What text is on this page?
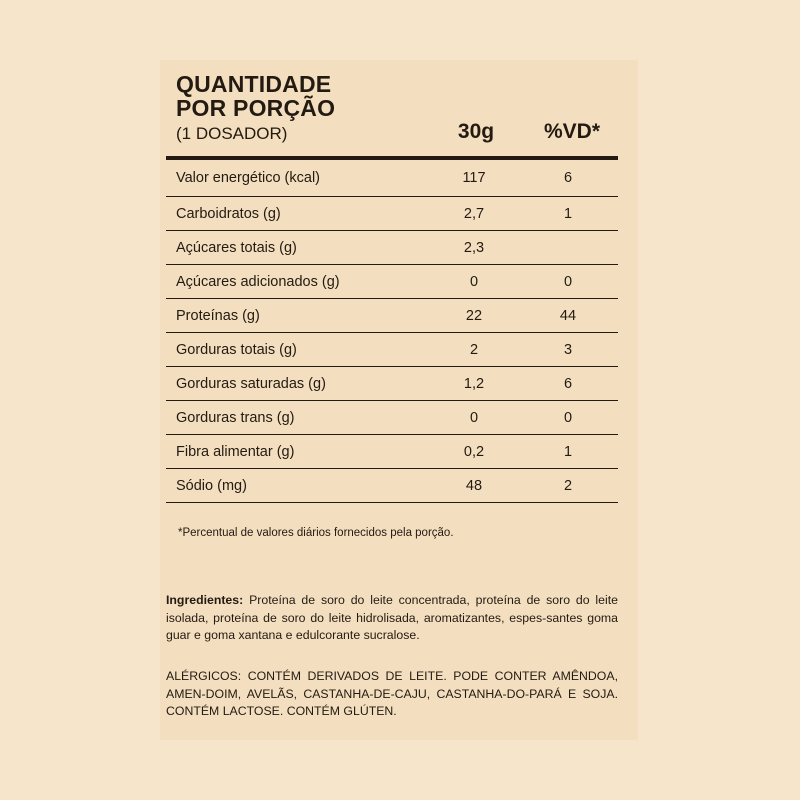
QUANTIDADE
POR PORÇÃO
(1 DOSADOR)	30g	%VD*
Valor energético (kcal)	117	6
Carboidratos (g)	2,7	1
Açúcares totais (g)	2,3
Açúcares adicionados (g)	0	0
Proteínas (g)	22	44
Gorduras totais (g)	2	3
Gorduras saturadas (g)	1,2	6
Gorduras trans (g)	0	0
Fibra alimentar (g)	0,2	1
Sódio (mg)	48	2
*Percentual de valores diários fornecidos pela porção.

Ingredientes: Proteína de soro do leite concentrada, proteína de soro do leite isolada, proteína de soro do leite hidrolisada, aromatizantes, espes-santes goma guar e goma xantana e edulcorante sucralose.

ALÉRGICOS: CONTÉM DERIVADOS DE LEITE. PODE CONTER AMÊNDOA, AMEN-DOIM, AVELÃS, CASTANHA-DE-CAJU, CASTANHA-DO-PARÁ E SOJA. CONTÉM LACTOSE. CONTÉM GLÚTEN.
